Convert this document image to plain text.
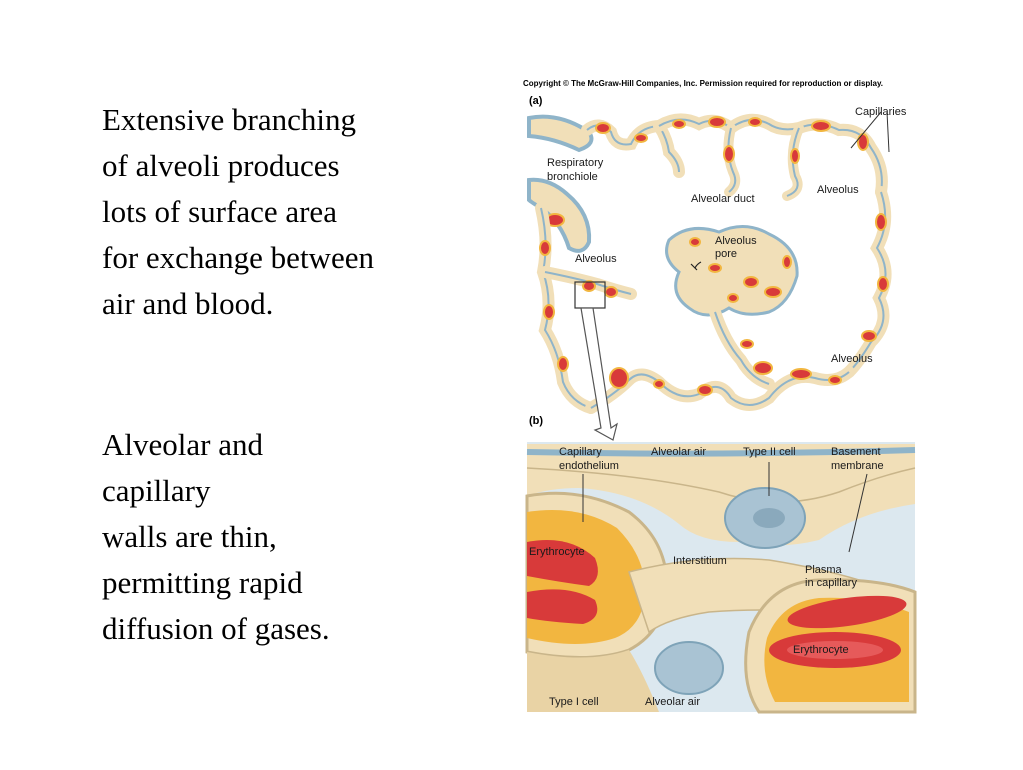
Extensive branching
of alveoli produces
lots of surface area
for exchange between
air and blood.
Alveolar and
capillary
walls are thin,
permitting rapid
diffusion of gases.
Copyright © The McGraw-Hill Companies, Inc. Permission required for reproduction or display.
(a)
Capillaries
Respiratory
bronchiole
Alveolar duct
Alveolus
Alveolus
pore
Alveolus
Alveolus
(b)
Capillary
endothelium
Alveolar air	Type II cell	Basement
membrane
Erythrocyte
Interstitium
Plasma
in capillary
Erythrocyte
Type I cell	Alveolar air
